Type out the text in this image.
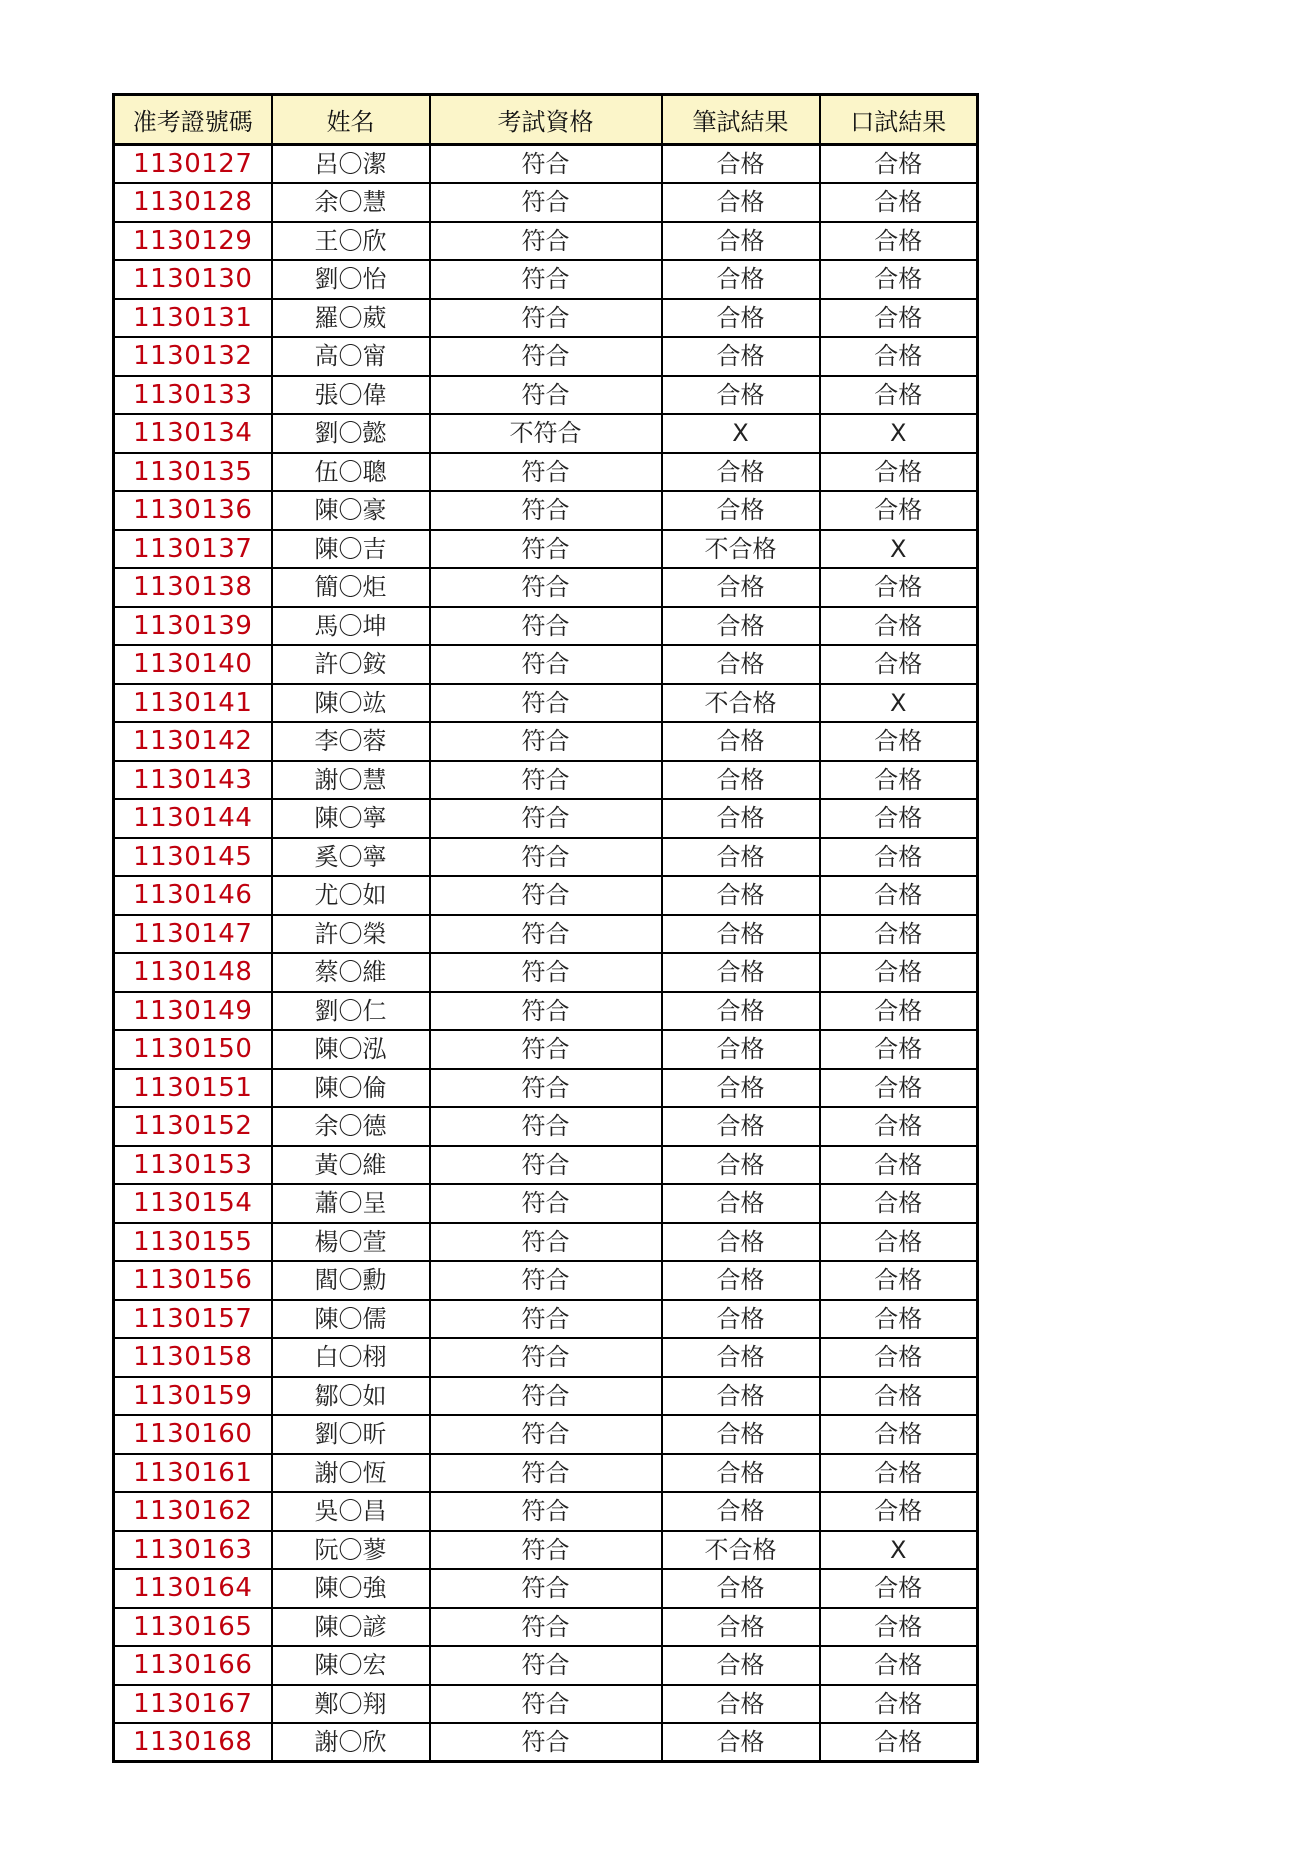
准考證號碼	姓名	考試資格	筆試結果	口試結果
1130127	呂〇潔	符合	合格	合格
1130128	余〇慧	符合	合格	合格
1130129	王〇欣	符合	合格	合格
1130130	劉〇怡	符合	合格	合格
1130131	羅〇葳	符合	合格	合格
1130132	高〇甯	符合	合格	合格
1130133	張〇偉	符合	合格	合格
1130134	劉〇懿	不符合	X	X
1130135	伍〇聰	符合	合格	合格
1130136	陳〇豪	符合	合格	合格
1130137	陳〇吉	符合	不合格	X
1130138	簡〇炬	符合	合格	合格
1130139	馬〇坤	符合	合格	合格
1130140	許〇銨	符合	合格	合格
1130141	陳〇竑	符合	不合格	X
1130142	李〇蓉	符合	合格	合格
1130143	謝〇慧	符合	合格	合格
1130144	陳〇寧	符合	合格	合格
1130145	奚〇寧	符合	合格	合格
1130146	尤〇如	符合	合格	合格
1130147	許〇榮	符合	合格	合格
1130148	蔡〇維	符合	合格	合格
1130149	劉〇仁	符合	合格	合格
1130150	陳〇泓	符合	合格	合格
1130151	陳〇倫	符合	合格	合格
1130152	余〇德	符合	合格	合格
1130153	黃〇維	符合	合格	合格
1130154	蕭〇呈	符合	合格	合格
1130155	楊〇萱	符合	合格	合格
1130156	閻〇勳	符合	合格	合格
1130157	陳〇儒	符合	合格	合格
1130158	白〇栩	符合	合格	合格
1130159	鄒〇如	符合	合格	合格
1130160	劉〇昕	符合	合格	合格
1130161	謝〇恆	符合	合格	合格
1130162	吳〇昌	符合	合格	合格
1130163	阮〇蓼	符合	不合格	X
1130164	陳〇強	符合	合格	合格
1130165	陳〇諺	符合	合格	合格
1130166	陳〇宏	符合	合格	合格
1130167	鄭〇翔	符合	合格	合格
1130168	謝〇欣	符合	合格	合格
